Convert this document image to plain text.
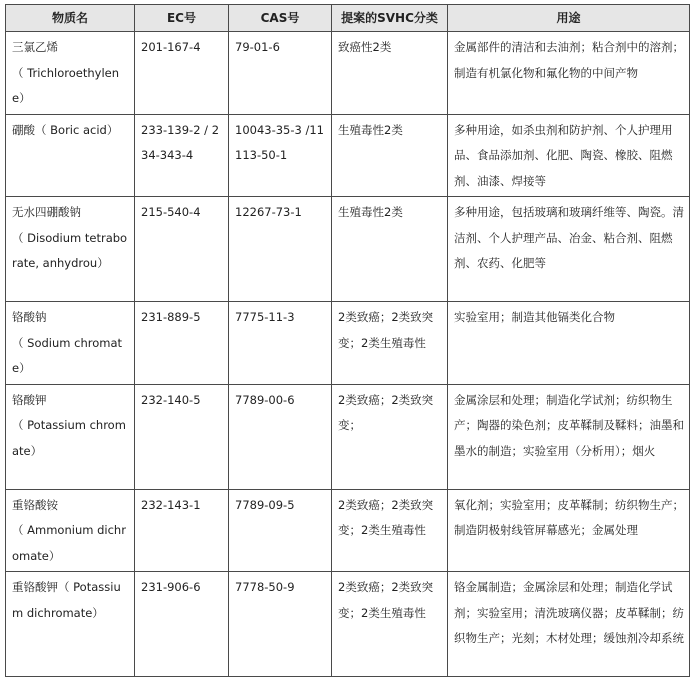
物质名	EC号	CAS号	提案的SVHC分类	用途

三氯乙烯
（ Trichloroethylene）	201-167-4	79-01-6	致癌性2类	金属部件的清洁和去油剂；粘合剂中的溶剂；制造有机氯化物和氟化物的中间产物

硼酸（ Boric acid）	233-139-2 / 234-343-4	10043-35-3 /11113-50-1	生殖毒性2类	多种用途，如杀虫剂和防护剂、个人护理用品、食品添加剂、化肥、陶瓷、橡胶、阻燃剂、油漆、焊接等

无水四硼酸钠
（ Disodium tetraborate, anhydrou）	215-540-4	12267-73-1	生殖毒性2类	多种用途，包括玻璃和玻璃纤维等、陶瓷。清洁剂、个人护理产品、冶金、粘合剂、阻燃剂、农药、化肥等

铬酸钠
（ Sodium chromate）	231-889-5	7775-11-3	2类致癌；2类致突变；2类生殖毒性	实验室用；制造其他镉类化合物

铬酸钾
（ Potassium chromate）	232-140-5	7789-00-6	2类致癌；2类致突变；	金属涂层和处理；制造化学试剂；纺织物生产；陶器的染色剂；皮革鞣制及鞣料；油墨和墨水的制造；实验室用（分析用）；烟火

重铬酸铵
（ Ammonium dichromate）	232-143-1	7789-09-5	2类致癌；2类致突变；2类生殖毒性	氧化剂；实验室用；皮革鞣制；纺织物生产；制造阴极射线管屏幕感光；金属处理

重铬酸钾（ Potassium dichromate）	231-906-6	7778-50-9	2类致癌；2类致突变；2类生殖毒性	铬金属制造；金属涂层和处理；制造化学试剂；实验室用；清洗玻璃仪器；皮革鞣制；纺织物生产；光刻；木材处理；缓蚀剂冷却系统
